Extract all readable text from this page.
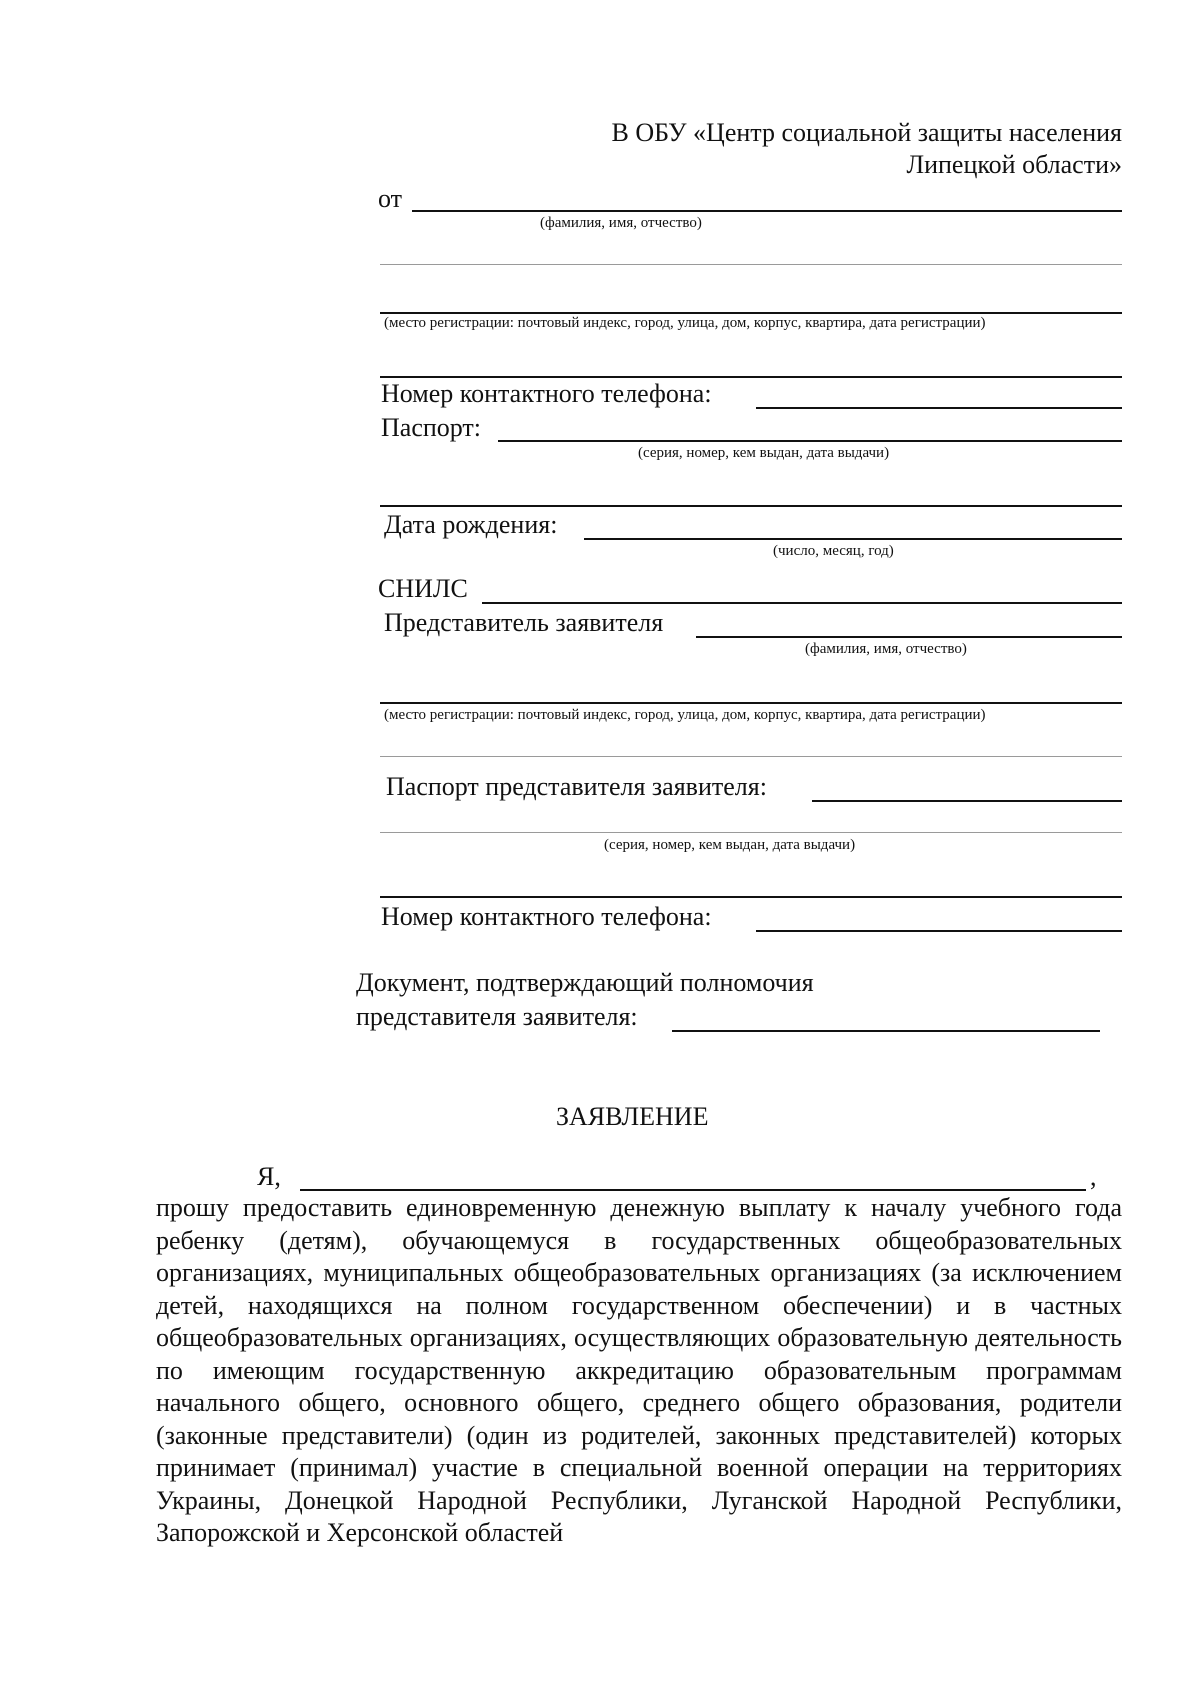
В ОБУ «Центр социальной защиты населения
Липецкой области»
от
(фамилия, имя, отчество)
(место регистрации: почтовый индекс, город, улица, дом, корпус, квартира, дата регистрации)
Номер контактного телефона:
Паспорт:
(серия, номер, кем выдан, дата выдачи)
Дата рождения:
(число, месяц, год)
СНИЛС
Представитель заявителя
(фамилия, имя, отчество)
(место регистрации: почтовый индекс, город, улица, дом, корпус, квартира, дата регистрации)
Паспорт представителя заявителя:
(серия, номер, кем выдан, дата выдачи)
Номер контактного телефона:
Документ, подтверждающий полномочия
представителя заявителя:
ЗАЯВЛЕНИЕ
Я,	,
прошу предоставить единовременную денежную выплату к началу учебного года ребенку (детям), обучающемуся в государственных общеобразовательных организациях, муниципальных общеобразовательных организациях (за исключением детей, находящихся на полном государственном обеспечении) и в частных общеобразовательных организациях, осуществляющих образовательную деятельность по имеющим государственную аккредитацию образовательным программам начального общего, основного общего, среднего общего образования, родители (законные представители) (один из родителей, законных представителей) которых принимает (принимал) участие в специальной военной операции на территориях Украины, Донецкой Народной Республики, Луганской Народной Республики, Запорожской и Херсонской областей
